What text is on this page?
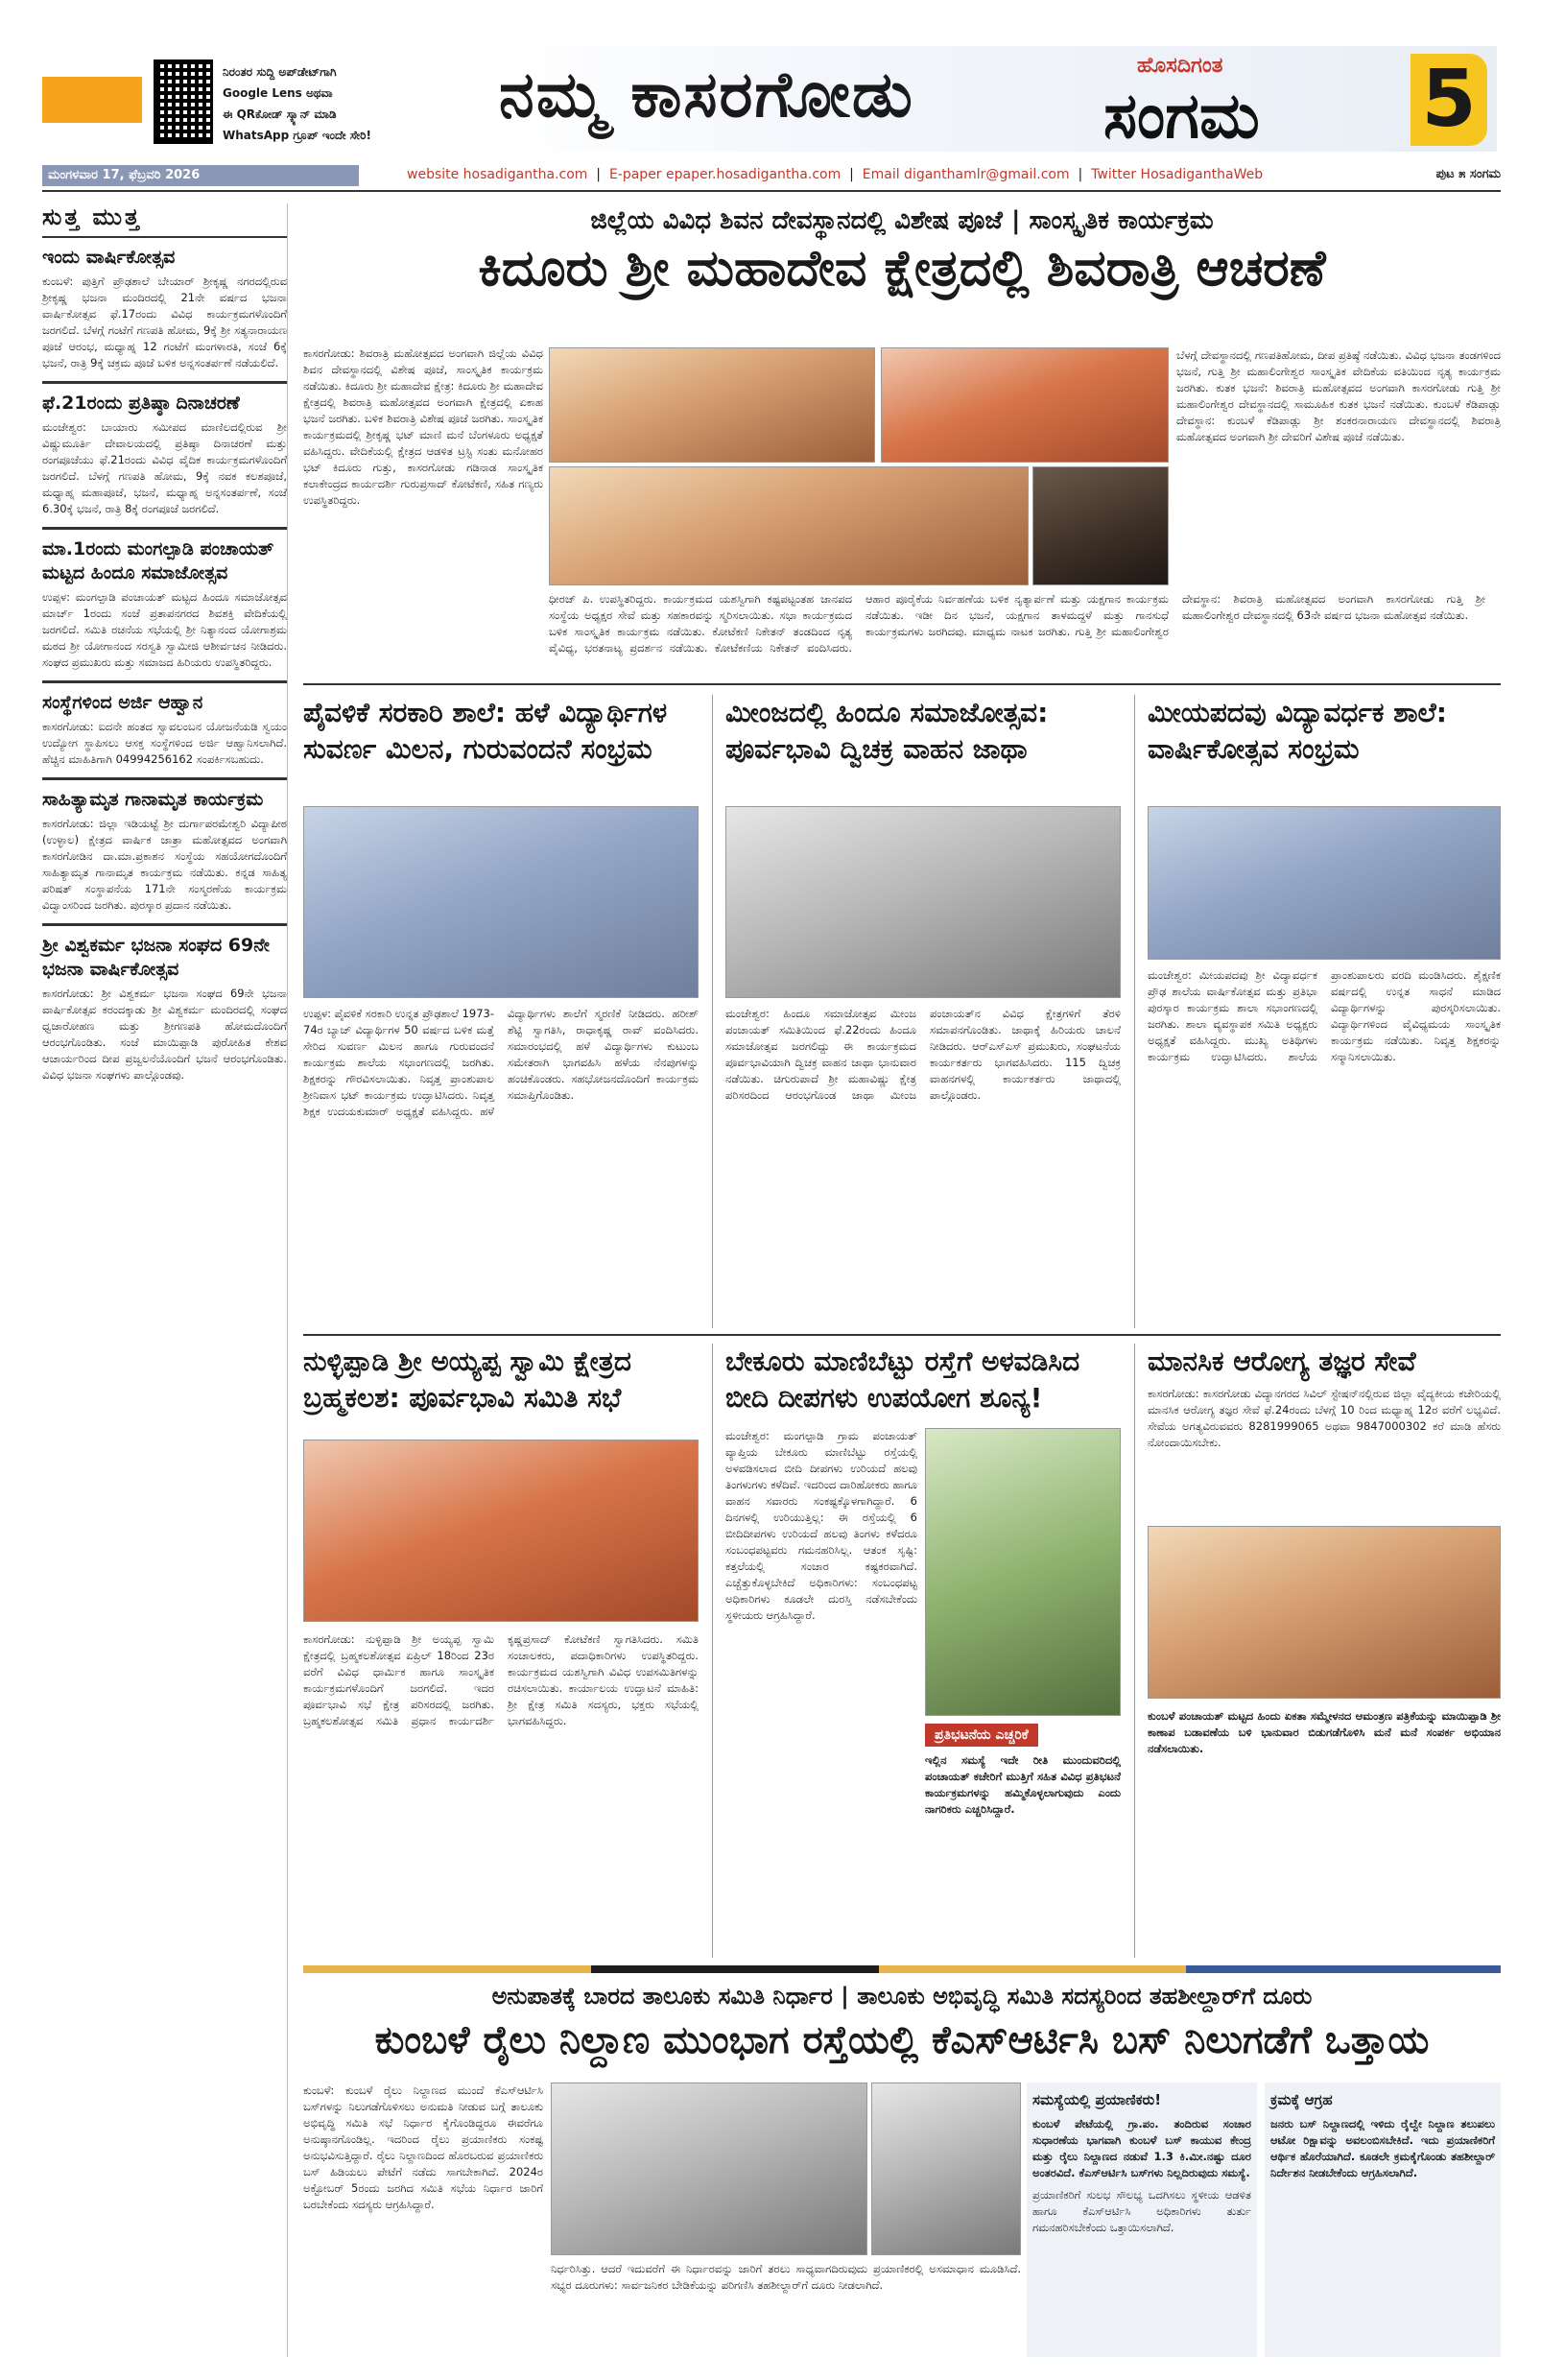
ನಿರಂತರ ಸುದ್ದಿ ಅಪ್‌ಡೇಟ್‌ಗಾಗಿ
Google Lens ಅಥವಾ
ಈ QRಕೋಡ್ ಸ್ಕ್ಯಾನ್ ಮಾಡಿ
WhatsApp ಗ್ರೂಪ್ ಇಂದೇ ಸೇರಿ!
ನಮ್ಮ ಕಾಸರಗೋಡು	ಹೊಸದಿಗಂತ
ಸಂಗಮ 5
ಮಂಗಳವಾರ 17, ಫೆಬ್ರವರಿ 2026	website hosadigantha.com  |  E-paper epaper.hosadigantha.com  |  Email digantha​mlr@gmail.com  |  Twitter HosadiganthaWeb	ಪುಟ ೫ ಸಂಗಮ
ಸುತ್ತ ಮುತ್ತ
ಇಂದು ವಾರ್ಷಿಕೋತ್ಸವ
ಕುಂಬಳೆ: ಪುತ್ತಿಗೆ ಪ್ರೌಢಶಾಲೆ ಬೇಯಾರ್ ಶ್ರೀಕೃಷ್ಣ ನಗರದಲ್ಲಿರುವ ಶ್ರೀಕೃಷ್ಣ ಭಜನಾ ಮಂದಿರದಲ್ಲಿ 21ನೇ ವರ್ಷದ ಭಜನಾ ವಾರ್ಷಿಕೋತ್ಸವ ಫೆ.17ರಂದು ವಿವಿಧ ಕಾರ್ಯಕ್ರಮಗಳೊಂದಿಗೆ ಜರಗಲಿದೆ. ಬೆಳಗ್ಗೆ ಗಂಟೆಗೆ ಗಣಪತಿ ಹೋಮ, 9ಕ್ಕೆ ಶ್ರೀ ಸತ್ಯನಾರಾಯಣ ಪೂಜೆ ಆರಂಭ, ಮಧ್ಯಾಹ್ನ 12 ಗಂಟೆಗೆ ಮಂಗಳಾರತಿ, ಸಂಜೆ 6ಕ್ಕೆ ಭಜನೆ, ರಾತ್ರಿ 9ಕ್ಕೆ ಚಕ್ರಮ ಪೂಜೆ ಬಳಿಕ ಅನ್ನಸಂತರ್ಪಣೆ ನಡೆಯಲಿದೆ.
ಫೆ.21ರಂದು ಪ್ರತಿಷ್ಠಾ ದಿನಾಚರಣೆ
ಮಂಜೇಶ್ವರ: ಬಾಯಾರು ಸಮೀಪದ ಮಾಣಿಲದಲ್ಲಿರುವ ಶ್ರೀ ವಿಷ್ಣುಮೂರ್ತಿ ದೇವಾಲಯದಲ್ಲಿ ಪ್ರತಿಷ್ಠಾ ದಿನಾಚರಣೆ ಮತ್ತು ರಂಗಪೂಜೆಯು ಫೆ.21ರಂದು ವಿವಿಧ ವೈದಿಕ ಕಾರ್ಯಕ್ರಮಗಳೊಂದಿಗೆ ಜರಗಲಿದೆ. ಬೆಳಗ್ಗೆ ಗಣಪತಿ ಹೋಮ, 9ಕ್ಕೆ ನವಕ ಕಲಶಪೂಜೆ, ಮಧ್ಯಾಹ್ನ ಮಹಾಪೂಜೆ, ಭಜನೆ, ಮಧ್ಯಾಹ್ನ ಅನ್ನಸಂತರ್ಪಣೆ, ಸಂಜೆ 6.30ಕ್ಕೆ ಭಜನೆ, ರಾತ್ರಿ 8ಕ್ಕೆ ರಂಗಪೂಜೆ ಜರಗಲಿದೆ.
ಮಾ.1ರಂದು ಮಂಗಲ್ಪಾಡಿ ಪಂಚಾಯತ್ ಮಟ್ಟದ ಹಿಂದೂ ಸಮಾಜೋತ್ಸವ
ಉಪ್ಪಳ: ಮಂಗಲ್ಪಾಡಿ ಪಂಚಾಯತ್ ಮಟ್ಟದ ಹಿಂದೂ ಸಮಾಜೋತ್ಸವ ಮಾರ್ಚ್ 1ರಂದು ಸಂಜೆ ಪ್ರತಾಪನಗರದ ಶಿವಶಕ್ತಿ ವೇದಿಕೆಯಲ್ಲಿ ಜರಗಲಿದೆ. ಸಮಿತಿ ರಚನೆಯ ಸಭೆಯಲ್ಲಿ ಶ್ರೀ ನಿತ್ಯಾನಂದ ಯೋಗಾಶ್ರಮ ಮಠದ ಶ್ರೀ ಯೋಗಾನಂದ ಸರಸ್ವತಿ ಸ್ವಾಮೀಜಿ ಆಶೀರ್ವಚನ ನೀಡಿದರು. ಸಂಘದ ಪ್ರಮುಖರು ಮತ್ತು ಸಮಾಜದ ಹಿರಿಯರು ಉಪಸ್ಥಿತರಿದ್ದರು.
ಸಂಸ್ಥೆಗಳಿಂದ ಅರ್ಜಿ ಆಹ್ವಾನ
ಕಾಸರಗೋಡು: ಐದನೇ ಹಂತದ ಸ್ವಾವಲಂಬನ ಯೋಜನೆಯಡಿ ಸ್ವಯಂ ಉದ್ಯೋಗ ಸ್ಥಾಪಿಸಲು ಆಸಕ್ತ ಸಂಸ್ಥೆಗಳಿಂದ ಅರ್ಜಿ ಆಹ್ವಾನಿಸಲಾಗಿದೆ. ಹೆಚ್ಚಿನ ಮಾಹಿತಿಗಾಗಿ 04994256162 ಸಂಪರ್ಕಿಸಬಹುದು.
ಸಾಹಿತ್ಯಾಮೃತ ಗಾನಾಮೃತ ಕಾರ್ಯಕ್ರಮ
ಕಾಸರಗೋಡು: ಜಿಲ್ಲಾ ಇಡಿಯಟ್ಟೆ ಶ್ರೀ ದುರ್ಗಾಪರಮೇಶ್ವರಿ ವಿದ್ಯಾಪೀಠ (ಉಳ್ಳಾಲ) ಕ್ಷೇತ್ರದ ವಾರ್ಷಿಕ ಜಾತ್ರಾ ಮಹೋತ್ಸವದ ಅಂಗವಾಗಿ ಕಾಸರಗೋಡಿನ ದಾ.ಮಾ.ಪ್ರಕಾಶನ ಸಂಸ್ಥೆಯ ಸಹಯೋಗದೊಂದಿಗೆ ಸಾಹಿತ್ಯಾಮೃತ ಗಾನಾಮೃತ ಕಾರ್ಯಕ್ರಮ ನಡೆಯಿತು. ಕನ್ನಡ ಸಾಹಿತ್ಯ ಪರಿಷತ್ ಸಂಸ್ಥಾಪನೆಯ 171ನೇ ಸಂಸ್ಮರಣೆಯ ಕಾರ್ಯಕ್ರಮ ವಿದ್ವಾಂಸರಿಂದ ಜರಗಿತು. ಪುರಸ್ಕಾರ ಪ್ರದಾನ ನಡೆಯಿತು.
ಶ್ರೀ ವಿಶ್ವಕರ್ಮ ಭಜನಾ ಸಂಘದ 69ನೇ ಭಜನಾ ವಾರ್ಷಿಕೋತ್ಸವ
ಕಾಸರಗೋಡು: ಶ್ರೀ ವಿಶ್ವಕರ್ಮ ಭಜನಾ ಸಂಘದ 69ನೇ ಭಜನಾ ವಾರ್ಷಿಕೋತ್ಸವ ಕರಂದಕ್ಕಾಡು ಶ್ರೀ ವಿಶ್ವಕರ್ಮ ಮಂದಿರದಲ್ಲಿ ಸಂಘದ ಧ್ವಜಾರೋಹಣ ಮತ್ತು ಶ್ರೀಗಣಪತಿ ಹೋಮದೊಂದಿಗೆ ಆರಂಭಗೊಂಡಿತು. ಸಂಜೆ ಮಾಯಿಪ್ಪಾಡಿ ಪುರೋಹಿತ ಕೇಶವ ಆಚಾರ್ಯರಿಂದ ದೀಪ ಪ್ರಜ್ವಲನೆಯೊಂದಿಗೆ ಭಜನೆ ಆರಂಭಗೊಂಡಿತು. ವಿವಿಧ ಭಜನಾ ಸಂಘಗಳು ಪಾಲ್ಗೊಂಡವು.
ಜಿಲ್ಲೆಯ ವಿವಿಧ ಶಿವನ ದೇವಸ್ಥಾನದಲ್ಲಿ ವಿಶೇಷ ಪೂಜೆ | ಸಾಂಸ್ಕೃತಿಕ ಕಾರ್ಯಕ್ರಮ
ಕಿದೂರು ಶ್ರೀ ಮಹಾದೇವ ಕ್ಷೇತ್ರದಲ್ಲಿ ಶಿವರಾತ್ರಿ ಆಚರಣೆ
ಕಾಸರಗೋಡು: ಶಿವರಾತ್ರಿ ಮಹೋತ್ಸವದ ಅಂಗವಾಗಿ ಜಿಲ್ಲೆಯ ವಿವಿಧ ಶಿವನ ದೇವಸ್ಥಾನದಲ್ಲಿ ವಿಶೇಷ ಪೂಜೆ, ಸಾಂಸ್ಕೃತಿಕ ಕಾರ್ಯಕ್ರಮ ನಡೆಯಿತು. ಕಿದೂರು ಶ್ರೀ ಮಹಾದೇವ ಕ್ಷೇತ್ರ: ಕಿದೂರು ಶ್ರೀ ಮಹಾದೇವ ಕ್ಷೇತ್ರದಲ್ಲಿ ಶಿವರಾತ್ರಿ ಮಹೋತ್ಸವದ ಅಂಗವಾಗಿ ಕ್ಷೇತ್ರದಲ್ಲಿ ಏಕಾಹ ಭಜನೆ ಜರಗಿತು. ಬಳಿಕ ಶಿವರಾತ್ರಿ ವಿಶೇಷ ಪೂಜೆ ಜರಗಿತು. ಸಾಂಸ್ಕೃತಿಕ ಕಾರ್ಯಕ್ರಮದಲ್ಲಿ ಶ್ರೀಕೃಷ್ಣ ಭಟ್ ಮಾಣಿ ಮನೆ ಬೆಂಗಳೂರು ಅಧ್ಯಕ್ಷತೆ ವಹಿಸಿದ್ದರು. ವೇದಿಕೆಯಲ್ಲಿ ಕ್ಷೇತ್ರದ ಆಡಳಿತ ಟ್ರಸ್ಟಿ ಸಂತು ಮನೋಹರ ಭಟ್ ಕಿದೂರು ಗುತ್ತು, ಕಾಸರಗೋಡು ಗಡಿನಾಡ ಸಾಂಸ್ಕೃತಿಕ ಕಲಾಕೇಂದ್ರದ ಕಾರ್ಯದರ್ಶಿ ಗುರುಪ್ರಸಾದ್ ಕೋಟೆಕಣಿ, ಸಹಿತ ಗಣ್ಯರು ಉಪಸ್ಥಿತರಿದ್ದರು.
ಧೀರಜ್ ಪಿ. ಉಪಸ್ಥಿತರಿದ್ದರು. ಕಾರ್ಯಕ್ರಮದ ಯಶಸ್ವಿಗಾಗಿ ಕಷ್ಟಪಟ್ಟಂತಹ ಜಾನಪದ ಸಂಸ್ಥೆಯ ಅಧ್ಯಕ್ಷರ ಸೇವೆ ಮತ್ತು ಸಹಕಾರವನ್ನು ಸ್ಮರಿಸಲಾಯಿತು. ಸಭಾ ಕಾರ್ಯಕ್ರಮದ ಬಳಿಕ ಸಾಂಸ್ಕೃತಿಕ ಕಾರ್ಯಕ್ರಮ ನಡೆಯಿತು. ಕೋಟೆಕಣಿ ನಿಕೇತನ್ ತಂಡದಿಂದ ನೃತ್ಯ ವೈವಿಧ್ಯ, ಭರತನಾಟ್ಯ ಪ್ರದರ್ಶನ ನಡೆಯಿತು. ಕೋಟೆಕಣಿಯ ನಿಕೇತನ್ ವಂದಿಸಿದರು. ಆಹಾರ ಪೂರೈಕೆಯ ನಿರ್ವಹಣೆಯ ಬಳಿಕ ನೃತ್ಯಾರ್ಪಣೆ ಮತ್ತು ಯಕ್ಷಗಾನ ಕಾರ್ಯಕ್ರಮ ನಡೆಯಿತು. ಇಡೀ ದಿನ ಭಜನೆ, ಯಕ್ಷಗಾನ ತಾಳಮದ್ದಳೆ ಮತ್ತು ಗಾನಸುಧೆ ಕಾರ್ಯಕ್ರಮಗಳು ಜರಗಿದವು. ಮಾಧ್ಯಮ ನಾಟಕ ಜರಗಿತು. ಗುತ್ತಿ ಶ್ರೀ ಮಹಾಲಿಂಗೇಶ್ವರ ದೇವಸ್ಥಾನ: ಶಿವರಾತ್ರಿ ಮಹೋತ್ಸವದ ಅಂಗವಾಗಿ ಕಾಸರಗೋಡು ಗುತ್ತಿ ಶ್ರೀ ಮಹಾಲಿಂಗೇಶ್ವರ ದೇವಸ್ಥಾನದಲ್ಲಿ 63ನೇ ವರ್ಷದ ಭಜನಾ ಮಹೋತ್ಸವ ನಡೆಯಿತು.
ಬೆಳಗ್ಗೆ ದೇವಸ್ಥಾನದಲ್ಲಿ ಗಣಪತಿಹೋಮ, ದೀಪ ಪ್ರತಿಷ್ಠೆ ನಡೆಯಿತು. ವಿವಿಧ ಭಜನಾ ತಂಡಗಳಿಂದ ಭಜನೆ, ಗುತ್ತಿ ಶ್ರೀ ಮಹಾಲಿಂಗೇಶ್ವರ ಸಾಂಸ್ಕೃತಿಕ ವೇದಿಕೆಯ ವತಿಯಿಂದ ನೃತ್ಯ ಕಾರ್ಯಕ್ರಮ ಜರಗಿತು. ಕುತಕ ಭಜನೆ: ಶಿವರಾತ್ರಿ ಮಹೋತ್ಸವದ ಅಂಗವಾಗಿ ಕಾಸರಗೋಡು ಗುತ್ತಿ ಶ್ರೀ ಮಹಾಲಿಂಗೇಶ್ವರ ದೇವಸ್ಥಾನದಲ್ಲಿ ಸಾಮೂಹಿಕ ಕುತಕ ಭಜನೆ ನಡೆಯಿತು. ಕುಂಬಳೆ ಕೆಡಿಪಾಡ್ಲು ದೇವಸ್ಥಾನ: ಕುಂಬಳೆ ಕೆಡಿಪಾಡ್ಲು ಶ್ರೀ ಶಂಕರನಾರಾಯಣ ದೇವಸ್ಥಾನದಲ್ಲಿ ಶಿವರಾತ್ರಿ ಮಹೋತ್ಸವದ ಅಂಗವಾಗಿ ಶ್ರೀ ದೇವರಿಗೆ ವಿಶೇಷ ಪೂಜೆ ನಡೆಯಿತು.
ಪೈವಳಿಕೆ ಸರಕಾರಿ ಶಾಲೆ: ಹಳೆ ವಿದ್ಯಾರ್ಥಿಗಳ ಸುವರ್ಣ ಮಿಲನ, ಗುರುವಂದನೆ ಸಂಭ್ರಮ
ಉಪ್ಪಳ: ಪೈವಳಿಕೆ ಸರಕಾರಿ ಉನ್ನತ ಪ್ರೌಢಶಾಲೆ 1973-74ರ ಬ್ಯಾಚ್ ವಿದ್ಯಾರ್ಥಿಗಳ 50 ವರ್ಷದ ಬಳಿಕ ಮತ್ತೆ ಸೇರಿದ ಸುವರ್ಣ ಮಿಲನ ಹಾಗೂ ಗುರುವಂದನೆ ಕಾರ್ಯಕ್ರಮ ಶಾಲೆಯ ಸಭಾಂಗಣದಲ್ಲಿ ಜರಗಿತು. ಶಿಕ್ಷಕರನ್ನು ಗೌರವಿಸಲಾಯಿತು. ನಿವೃತ್ತ ಪ್ರಾಂಶುಪಾಲ ಶ್ರೀನಿವಾಸ ಭಟ್ ಕಾರ್ಯಕ್ರಮ ಉದ್ಘಾಟಿಸಿದರು. ನಿವೃತ್ತ ಶಿಕ್ಷಕ ಉದಯಕುಮಾರ್ ಅಧ್ಯಕ್ಷತೆ ವಹಿಸಿದ್ದರು. ಹಳೆ ವಿದ್ಯಾರ್ಥಿಗಳು ಶಾಲೆಗೆ ಸ್ಮರಣಿಕೆ ನೀಡಿದರು. ಹರೀಶ್ ಶೆಟ್ಟಿ ಸ್ವಾಗತಿಸಿ, ರಾಧಾಕೃಷ್ಣ ರಾವ್ ವಂದಿಸಿದರು. ಸಮಾರಂಭದಲ್ಲಿ ಹಳೆ ವಿದ್ಯಾರ್ಥಿಗಳು ಕುಟುಂಬ ಸಮೇತರಾಗಿ ಭಾಗವಹಿಸಿ ಹಳೆಯ ನೆನಪುಗಳನ್ನು ಹಂಚಿಕೊಂಡರು. ಸಹಭೋಜನದೊಂದಿಗೆ ಕಾರ್ಯಕ್ರಮ ಸಮಾಪ್ತಿಗೊಂಡಿತು.
ಮೀಂಜದಲ್ಲಿ ಹಿಂದೂ ಸಮಾಜೋತ್ಸವ: ಪೂರ್ವಭಾವಿ ದ್ವಿಚಕ್ರ ವಾಹನ ಜಾಥಾ
ಮಂಜೇಶ್ವರ: ಹಿಂದೂ ಸಮಾಜೋತ್ಸವ ಮೀಂಜ ಪಂಚಾಯತ್ ಸಮಿತಿಯಿಂದ ಫೆ.22ರಂದು ಹಿಂದೂ ಸಮಾಜೋತ್ಸವ ಜರಗಲಿದ್ದು ಈ ಕಾರ್ಯಕ್ರಮದ ಪೂರ್ವಭಾವಿಯಾಗಿ ದ್ವಿಚಕ್ರ ವಾಹನ ಜಾಥಾ ಭಾನುವಾರ ನಡೆಯಿತು. ಚಿಗುರುಪಾದೆ ಶ್ರೀ ಮಹಾವಿಷ್ಣು ಕ್ಷೇತ್ರ ಪರಿಸರದಿಂದ ಆರಂಭಗೊಂಡ ಜಾಥಾ ಮೀಂಜ ಪಂಚಾಯತ್‌ನ ವಿವಿಧ ಕ್ಷೇತ್ರಗಳಿಗೆ ತೆರಳಿ ಸಮಾಪನಗೊಂಡಿತು. ಜಾಥಾಕ್ಕೆ ಹಿರಿಯರು ಚಾಲನೆ ನೀಡಿದರು. ಆರ್‌ಎಸ್‌ಎಸ್ ಪ್ರಮುಖರು, ಸಂಘಟನೆಯ ಕಾರ್ಯಕರ್ತರು ಭಾಗವಹಿಸಿದರು. 115 ದ್ವಿಚಕ್ರ ವಾಹನಗಳಲ್ಲಿ ಕಾರ್ಯಕರ್ತರು ಜಾಥಾದಲ್ಲಿ ಪಾಲ್ಗೊಂಡರು.
ಮೀಯಪದವು ವಿದ್ಯಾವರ್ಧಕ ಶಾಲೆ: ವಾರ್ಷಿಕೋತ್ಸವ ಸಂಭ್ರಮ
ಮಂಜೇಶ್ವರ: ಮೀಯಪದವು ಶ್ರೀ ವಿದ್ಯಾವರ್ಧಕ ಪ್ರೌಢ ಶಾಲೆಯ ವಾರ್ಷಿಕೋತ್ಸವ ಮತ್ತು ಪ್ರತಿಭಾ ಪುರಸ್ಕಾರ ಕಾರ್ಯಕ್ರಮ ಶಾಲಾ ಸಭಾಂಗಣದಲ್ಲಿ ಜರಗಿತು. ಶಾಲಾ ವ್ಯವಸ್ಥಾಪಕ ಸಮಿತಿ ಅಧ್ಯಕ್ಷರು ಅಧ್ಯಕ್ಷತೆ ವಹಿಸಿದ್ದರು. ಮುಖ್ಯ ಅತಿಥಿಗಳು ಕಾರ್ಯಕ್ರಮ ಉದ್ಘಾಟಿಸಿದರು. ಶಾಲೆಯ ಪ್ರಾಂಶುಪಾಲರು ವರದಿ ಮಂಡಿಸಿದರು. ಶೈಕ್ಷಣಿಕ ವರ್ಷದಲ್ಲಿ ಉನ್ನತ ಸಾಧನೆ ಮಾಡಿದ ವಿದ್ಯಾರ್ಥಿಗಳನ್ನು ಪುರಸ್ಕರಿಸಲಾಯಿತು. ವಿದ್ಯಾರ್ಥಿಗಳಿಂದ ವೈವಿಧ್ಯಮಯ ಸಾಂಸ್ಕೃತಿಕ ಕಾರ್ಯಕ್ರಮ ನಡೆಯಿತು. ನಿವೃತ್ತ ಶಿಕ್ಷಕರನ್ನು ಸನ್ಮಾನಿಸಲಾಯಿತು.
ನುಳ್ಳಿಪ್ಪಾಡಿ ಶ್ರೀ ಅಯ್ಯಪ್ಪ ಸ್ವಾಮಿ ಕ್ಷೇತ್ರದ ಬ್ರಹ್ಮಕಲಶ: ಪೂರ್ವಭಾವಿ ಸಮಿತಿ ಸಭೆ
ಕಾಸರಗೋಡು: ನುಳ್ಳಿಪ್ಪಾಡಿ ಶ್ರೀ ಅಯ್ಯಪ್ಪ ಸ್ವಾಮಿ ಕ್ಷೇತ್ರದಲ್ಲಿ ಬ್ರಹ್ಮಕಲಶೋತ್ಸವ ಏಪ್ರಿಲ್ 18ರಿಂದ 23ರ ವರೆಗೆ ವಿವಿಧ ಧಾರ್ಮಿಕ ಹಾಗೂ ಸಾಂಸ್ಕೃತಿಕ ಕಾರ್ಯಕ್ರಮಗಳೊಂದಿಗೆ ಜರಗಲಿದೆ. ಇದರ ಪೂರ್ವಭಾವಿ ಸಭೆ ಕ್ಷೇತ್ರ ಪರಿಸರದಲ್ಲಿ ಜರಗಿತು. ಬ್ರಹ್ಮಕಲಶೋತ್ಸವ ಸಮಿತಿ ಪ್ರಧಾನ ಕಾರ್ಯದರ್ಶಿ ಕೃಷ್ಣಪ್ರಸಾದ್ ಕೋಟೆಕಣಿ ಸ್ವಾಗತಿಸಿದರು. ಸಮಿತಿ ಸಂಚಾಲಕರು, ಪದಾಧಿಕಾರಿಗಳು ಉಪಸ್ಥಿತರಿದ್ದರು. ಕಾರ್ಯಕ್ರಮದ ಯಶಸ್ವಿಗಾಗಿ ವಿವಿಧ ಉಪಸಮಿತಿಗಳನ್ನು ರಚಿಸಲಾಯಿತು. ಕಾರ್ಯಾಲಯ ಉದ್ಘಾಟನೆ ಮಾಹಿತಿ: ಶ್ರೀ ಕ್ಷೇತ್ರ ಸಮಿತಿ ಸದಸ್ಯರು, ಭಕ್ತರು ಸಭೆಯಲ್ಲಿ ಭಾಗವಹಿಸಿದ್ದರು.
ಬೇಕೂರು ಮಾಣಿಬೆಟ್ಟು ರಸ್ತೆಗೆ ಅಳವಡಿಸಿದ ಬೀದಿ ದೀಪಗಳು ಉಪಯೋಗ ಶೂನ್ಯ!
ಮಂಜೇಶ್ವರ: ಮಂಗಲ್ಪಾಡಿ ಗ್ರಾಮ ಪಂಚಾಯತ್ ವ್ಯಾಪ್ತಿಯ ಬೇಕೂರು ಮಾಣಿಬೆಟ್ಟು ರಸ್ತೆಯಲ್ಲಿ ಅಳವಡಿಸಲಾದ ಬೀದಿ ದೀಪಗಳು ಉರಿಯದೆ ಹಲವು ತಿಂಗಳುಗಳು ಕಳೆದಿವೆ. ಇದರಿಂದ ದಾರಿಹೋಕರು ಹಾಗೂ ವಾಹನ ಸವಾರರು ಸಂಕಷ್ಟಕ್ಕೊಳಗಾಗಿದ್ದಾರೆ. 6 ದಿನಗಳಲ್ಲಿ ಉರಿಯುತ್ತಿಲ್ಲ: ಈ ರಸ್ತೆಯಲ್ಲಿ 6 ಬೀದಿದೀಪಗಳು ಉರಿಯದೆ ಹಲವು ತಿಂಗಳು ಕಳೆದರೂ ಸಂಬಂಧಪಟ್ಟವರು ಗಮನಹರಿಸಿಲ್ಲ. ಆತಂಕ ಸೃಷ್ಟಿ: ಕತ್ತಲೆಯಲ್ಲಿ ಸಂಚಾರ ಕಷ್ಟಕರವಾಗಿದೆ. ಎಚ್ಚೆತ್ತುಕೊಳ್ಳಬೇಕಿದೆ ಅಧಿಕಾರಿಗಳು: ಸಂಬಂಧಪಟ್ಟ ಅಧಿಕಾರಿಗಳು ಕೂಡಲೇ ದುರಸ್ತಿ ನಡೆಸಬೇಕೆಂದು ಸ್ಥಳೀಯರು ಆಗ್ರಹಿಸಿದ್ದಾರೆ.
ಪ್ರತಿಭಟನೆಯ ಎಚ್ಚರಿಕೆ
ಇಲ್ಲಿನ ಸಮಸ್ಯೆ ಇದೇ ರೀತಿ ಮುಂದುವರಿದಲ್ಲಿ ಪಂಚಾಯತ್ ಕಚೇರಿಗೆ ಮುತ್ತಿಗೆ ಸಹಿತ ವಿವಿಧ ಪ್ರತಿಭಟನೆ ಕಾರ್ಯಕ್ರಮಗಳನ್ನು ಹಮ್ಮಿಕೊಳ್ಳಲಾಗುವುದು ಎಂದು ನಾಗರಿಕರು ಎಚ್ಚರಿಸಿದ್ದಾರೆ.
ಮಾನಸಿಕ ಆರೋಗ್ಯ ತಜ್ಞರ ಸೇವೆ
ಕಾಸರಗೋಡು: ಕಾಸರಗೋಡು ವಿದ್ಯಾನಗರದ ಸಿವಿಲ್ ಸ್ಟೇಷನ್‌ನಲ್ಲಿರುವ ಜಿಲ್ಲಾ ವೈದ್ಯಕೀಯ ಕಚೇರಿಯಲ್ಲಿ ಮಾನಸಿಕ ಆರೋಗ್ಯ ತಜ್ಞರ ಸೇವೆ ಫೆ.24ರಂದು ಬೆಳಗ್ಗೆ 10 ರಿಂದ ಮಧ್ಯಾಹ್ನ 12ರ ವರೆಗೆ ಲಭ್ಯವಿದೆ. ಸೇವೆಯ ಅಗತ್ಯವಿರುವವರು 8281999065 ಅಥವಾ 9847000302 ಕರೆ ಮಾಡಿ ಹೆಸರು ನೋಂದಾಯಿಸಬೇಕು.
ಕುಂಬಳೆ ಪಂಚಾಯತ್ ಮಟ್ಟದ ಹಿಂದು ಏಕತಾ ಸಮ್ಮೇಳನದ ಆಮಂತ್ರಣ ಪತ್ರಿಕೆಯನ್ನು ಮಾಯಿಪ್ಪಾಡಿ ಶ್ರೀ ಕಾಣಾಪ ಬಡಾವಣೆಯ ಬಳಿ ಭಾನುವಾರ ಬಿಡುಗಡೆಗೊಳಿಸಿ ಮನೆ ಮನೆ ಸಂಪರ್ಕ ಅಭಿಯಾನ ನಡೆಸಲಾಯಿತು.
ಅನುಪಾತಕ್ಕೆ ಬಾರದ ತಾಲೂಕು ಸಮಿತಿ ನಿರ್ಧಾರ | ತಾಲೂಕು ಅಭಿವೃದ್ಧಿ ಸಮಿತಿ ಸದಸ್ಯರಿಂದ ತಹಶೀಲ್ದಾರ್‌ಗೆ ದೂರು
ಕುಂಬಳೆ ರೈಲು ನಿಲ್ದಾಣ ಮುಂಭಾಗ ರಸ್ತೆಯಲ್ಲಿ ಕೆಎಸ್ಆರ್ಟಿಸಿ ಬಸ್ ನಿಲುಗಡೆಗೆ ಒತ್ತಾಯ
ಕುಂಬಳೆ: ಕುಂಬಳೆ ರೈಲು ನಿಲ್ದಾಣದ ಮುಂದೆ ಕೆಎಸ್ಆರ್ಟಿಸಿ ಬಸ್‌ಗಳನ್ನು ನಿಲುಗಡೆಗೊಳಿಸಲು ಅನುಮತಿ ನೀಡುವ ಬಗ್ಗೆ ತಾಲೂಕು ಅಭಿವೃದ್ಧಿ ಸಮಿತಿ ಸಭೆ ನಿರ್ಧಾರ ಕೈಗೊಂಡಿದ್ದರೂ ಈವರೆಗೂ ಅನುಷ್ಠಾನಗೊಂಡಿಲ್ಲ. ಇದರಿಂದ ರೈಲು ಪ್ರಯಾಣಿಕರು ಸಂಕಷ್ಟ ಅನುಭವಿಸುತ್ತಿದ್ದಾರೆ. ರೈಲು ನಿಲ್ದಾಣದಿಂದ ಹೊರಬರುವ ಪ್ರಯಾಣಿಕರು ಬಸ್ ಹಿಡಿಯಲು ಪೇಟೆಗೆ ನಡೆದು ಸಾಗಬೇಕಾಗಿದೆ. 2024ರ ಅಕ್ಟೋಬರ್ 5ರಂದು ಜರಗಿದ ಸಮಿತಿ ಸಭೆಯ ನಿರ್ಧಾರ ಜಾರಿಗೆ ಬರಬೇಕೆಂದು ಸದಸ್ಯರು ಆಗ್ರಹಿಸಿದ್ದಾರೆ.
ನಿರ್ಧರಿಸಿತ್ತು. ಆದರೆ ಇದುವರೆಗೆ ಈ ನಿರ್ಧಾರವನ್ನು ಜಾರಿಗೆ ತರಲು ಸಾಧ್ಯವಾಗದಿರುವುದು ಪ್ರಯಾಣಿಕರಲ್ಲಿ ಅಸಮಾಧಾನ ಮೂಡಿಸಿದೆ. ಸಭ್ಯರ ದೂರುಗಳು: ಸಾರ್ವಜನಿಕರ ಬೇಡಿಕೆಯನ್ನು ಪರಿಗಣಿಸಿ ತಹಶೀಲ್ದಾರ್‌ಗೆ ದೂರು ನೀಡಲಾಗಿದೆ.
ಸಮಸ್ಯೆಯಲ್ಲಿ ಪ್ರಯಾಣಿಕರು!
ಕುಂಬಳೆ ಪೇಟೆಯಲ್ಲಿ ಗ್ರಾ.ಪಂ. ತಂದಿರುವ ಸಂಚಾರ ಸುಧಾರಣೆಯ ಭಾಗವಾಗಿ ಕುಂಬಳೆ ಬಸ್ ಕಾಯುವ ಕೇಂದ್ರ ಮತ್ತು ರೈಲು ನಿಲ್ದಾಣದ ನಡುವೆ 1.3 ಕಿ.ಮೀ.ನಷ್ಟು ದೂರ ಅಂತರವಿದೆ. ಕೆಎಸ್ಆರ್ಟಿಸಿ ಬಸ್‌ಗಳು ನಿಲ್ಲದಿರುವುದು ಸಮಸ್ಯೆ.
ಪ್ರಯಾಣಿಕರಿಗೆ ಸುಲಭ ಸೌಲಭ್ಯ ಒದಗಿಸಲು ಸ್ಥಳೀಯ ಆಡಳಿತ ಹಾಗೂ ಕೆಎಸ್ಆರ್ಟಿಸಿ ಅಧಿಕಾರಿಗಳು ತುರ್ತು ಗಮನಹರಿಸಬೇಕೆಂದು ಒತ್ತಾಯಿಸಲಾಗಿದೆ.
ಕ್ರಮಕ್ಕೆ ಆಗ್ರಹ
ಜನರು ಬಸ್ ನಿಲ್ದಾಣದಲ್ಲಿ ಇಳಿದು ರೈಲ್ವೇ ನಿಲ್ದಾಣ ತಲುಪಲು ಆಟೋ ರಿಕ್ಷಾವನ್ನು ಅವಲಂಬಿಸಬೇಕಿದೆ. ಇದು ಪ್ರಯಾಣಿಕರಿಗೆ ಆರ್ಥಿಕ ಹೊರೆಯಾಗಿದೆ. ಕೂಡಲೇ ಕ್ರಮಕೈಗೊಂಡು ತಹಶೀಲ್ದಾರ್ ನಿರ್ದೇಶನ ನೀಡಬೇಕೆಂದು ಆಗ್ರಹಿಸಲಾಗಿದೆ.
